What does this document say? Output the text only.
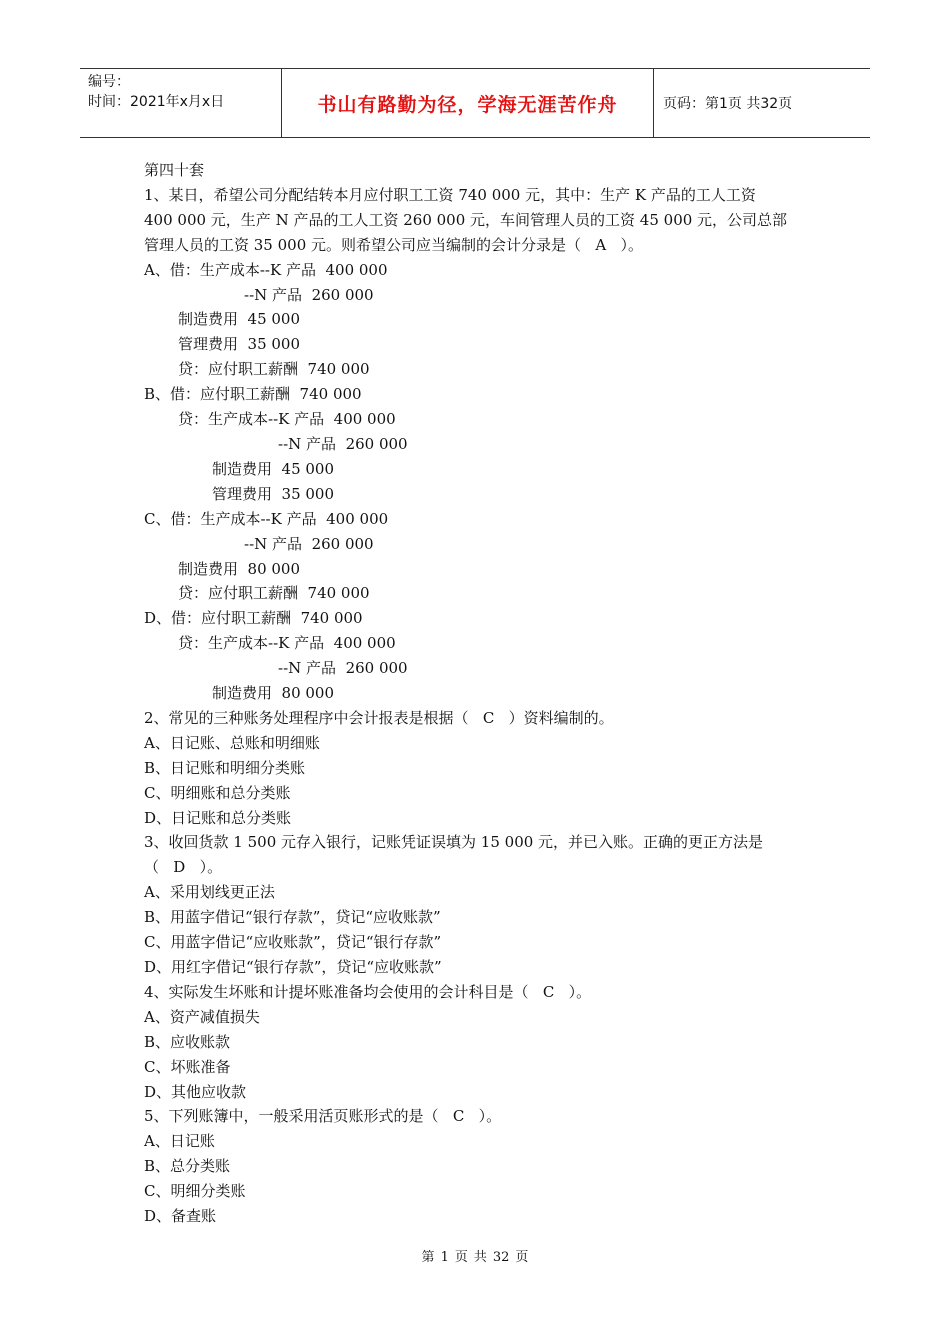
编号：
时间：2021年x月x日	书山有路勤为径，学海无涯苦作舟	页码：第1页 共32页

第四十套

1、某日，希望公司分配结转本月应付职工工资 740 000 元，其中：生产 K 产品的工人工资

400 000 元，生产 N 产品的工人工资 260 000 元，车间管理人员的工资 45 000 元，公司总部

管理人员的工资 35 000 元。则希望公司应当编制的会计分录是（   A   ）。

A、借：生产成本--K 产品  400 000

--N 产品  260 000

制造费用  45 000

管理费用  35 000

贷：应付职工薪酬  740 000

B、借：应付职工薪酬  740 000

贷：生产成本--K 产品  400 000

--N 产品  260 000

制造费用  45 000

管理费用  35 000

C、借：生产成本--K 产品  400 000

--N 产品  260 000

制造费用  80 000

贷：应付职工薪酬  740 000

D、借：应付职工薪酬  740 000

贷：生产成本--K 产品  400 000

--N 产品  260 000

制造费用  80 000

2、常见的三种账务处理程序中会计报表是根据（   C   ）资料编制的。

A、日记账、总账和明细账

B、日记账和明细分类账

C、明细账和总分类账

D、日记账和总分类账

3、收回货款 1 500 元存入银行，记账凭证误填为 15 000 元，并已入账。正确的更正方法是

（   D   ）。

A、采用划线更正法

B、用蓝字借记“银行存款”，贷记“应收账款”

C、用蓝字借记“应收账款”，贷记“银行存款”

D、用红字借记“银行存款”，贷记“应收账款”

4、实际发生坏账和计提坏账准备均会使用的会计科目是（   C   ）。

A、资产减值损失

B、应收账款

C、坏账准备

D、其他应收款

5、下列账簿中，一般采用活页账形式的是（   C   ）。

A、日记账

B、总分类账

C、明细分类账

D、备查账

第 1 页 共 32 页
